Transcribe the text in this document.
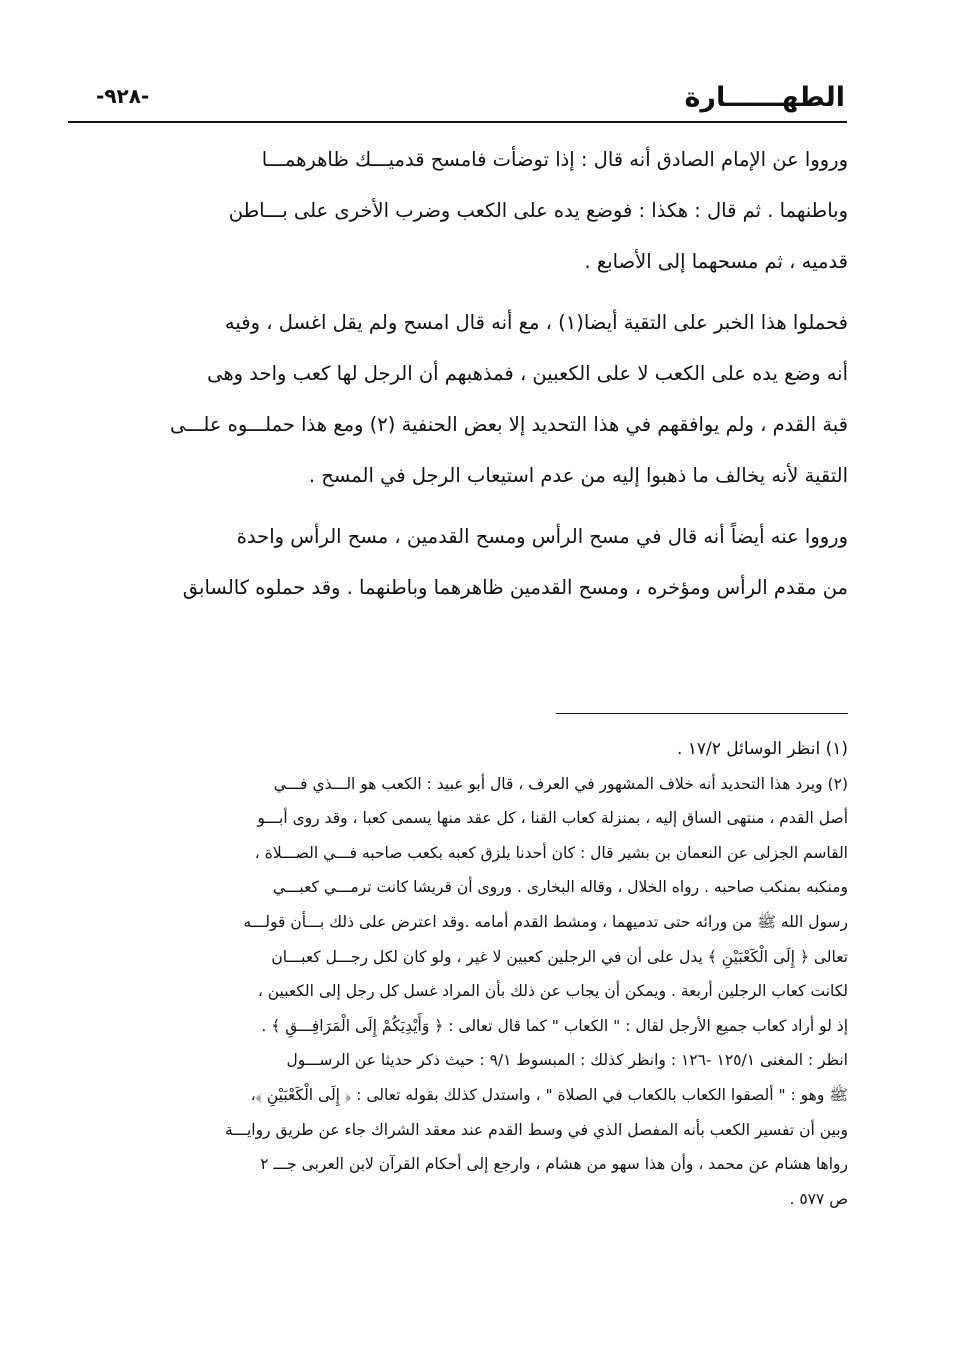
الطهــــــارة
-٩٢٨-

ورووا عن الإمام الصادق أنه قال : إذا توضأت فامسح قدميـــك ظاهرهمـــا
وباطنهما . ثم قال : هكذا : فوضع يده على الكعب وضرب الأخرى على بـــاطن
قدميه ، ثم مسحهما إلى الأصابع .

فحملوا هذا الخبر على التقية أيضا(١) ، مع أنه قال امسح ولم يقل اغسل ، وفيه
أنه وضع يده على الكعب لا على الكعبين ، فمذهبهم أن الرجل لها كعب واحد وهى
قبة القدم ، ولم يوافقهم في هذا التحديد إلا بعض الحنفية (٢) ومع هذا حملـــوه علـــى
التقية لأنه يخالف ما ذهبوا إليه من عدم استيعاب الرجل في المسح .

ورووا عنه أيضاً أنه قال في مسح الرأس ومسح القدمين ، مسح الرأس واحدة
من مقدم الرأس ومؤخره ، ومسح القدمين ظاهرهما وباطنهما . وقد حملوه كالسابق

(١) انظر الوسائل ١٧/٢ .
(٢) ويرد هذا التحديد أنه خلاف المشهور في العرف ، قال أبو عبيد : الكعب هو الـــذي فـــي
أصل القدم ، منتهى الساق إليه ، بمنزلة كعاب القنا ، كل عقد منها يسمى كعبا ، وقد روى أبـــو
القاسم الجزلى عن النعمان بن بشير قال : كان أحدنا يلزق كعبه بكعب صاحبه فـــي الصـــلاة ،
ومنكبه بمنكب صاحبه . رواه الخلال ، وقاله البخارى . وروى أن قريشا كانت ترمـــي كعبـــي
رسول الله ﷺ من ورائه حتى تدميهما ، ومشط القدم أمامه .وقد اعترض على ذلك بـــأن قولـــه
تعالى ﴿ إِلَى الْكَعْبَيْنِ ﴾ يدل على أن في الرجلين كعبين لا غير ، ولو كان لكل رجـــل كعبـــان
لكانت كعاب الرجلين أربعة . ويمكن أن يجاب عن ذلك بأن المراد غسل كل رجل إلى الكعبين ،
إذ لو أراد كعاب جميع الأرجل لقال : " الكعاب " كما قال تعالى : ﴿ وَأَيْدِيَكُمْ إِلَى الْمَرَافِـــقِ ﴾ .
انظر : المغنى ١٢٥/١ -١٢٦ : وانظر كذلك : المبسوط ٩/١ : حيث ذكر حديثا عن الرســـول
ﷺ وهو : " ألصقوا الكعاب بالكعاب في الصلاة " ، واستدل كذلك بقوله تعالى : ﴿ إِلَى الْكَعْبَيْنِ ﴾،
وبين أن تفسير الكعب بأنه المفصل الذي في وسط القدم عند معقد الشراك جاء عن طريق روايـــة
رواها هشام عن محمد ، وأن هذا سهو من هشام ، وارجع إلى أحكام القرآن لابن العربى جـــ ٢
ص ٥٧٧ .
